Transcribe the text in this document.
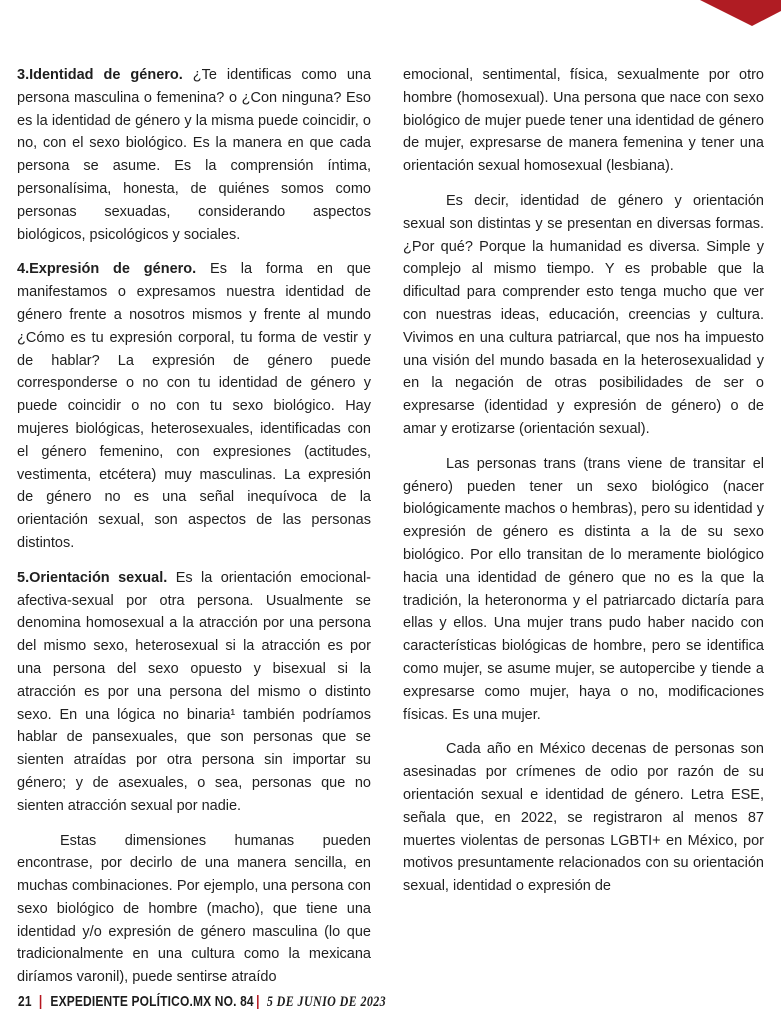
3.Identidad de género. ¿Te identificas como una persona masculina o femenina? o ¿Con ninguna? Eso es la identidad de género y la misma puede coincidir, o no, con el sexo biológico. Es la manera en que cada persona se asume. Es la comprensión íntima, personalísima, honesta, de quiénes somos como personas sexuadas, considerando aspectos biológicos, psicológicos y sociales.

4.Expresión de género. Es la forma en que manifestamos o expresamos nuestra identidad de género frente a nosotros mismos y frente al mundo ¿Cómo es tu expresión corporal, tu forma de vestir y de hablar? La expresión de género puede corresponderse o no con tu identidad de género y puede coincidir o no con tu sexo biológico. Hay mujeres biológicas, heterosexuales, identificadas con el género femenino, con expresiones (actitudes, vestimenta, etcétera) muy masculinas. La expresión de género no es una señal inequívoca de la orientación sexual, son aspectos de las personas distintos.

5.Orientación sexual. Es la orientación emocional-afectiva-sexual por otra persona. Usualmente se denomina homosexual a la atracción por una persona del mismo sexo, heterosexual si la atracción es por una persona del sexo opuesto y bisexual si la atracción es por una persona del mismo o distinto sexo. En una lógica no binaria¹ también podríamos hablar de pansexuales, que son personas que se sienten atraídas por otra persona sin importar su género; y de asexuales, o sea, personas que no sienten atracción sexual por nadie.

Estas dimensiones humanas pueden encontrase, por decirlo de una manera sencilla, en muchas combinaciones. Por ejemplo, una persona con sexo biológico de hombre (macho), que tiene una identidad y/o expresión de género masculina (lo que tradicionalmente en una cultura como la mexicana diríamos varonil), puede sentirse atraído

emocional, sentimental, física, sexualmente por otro hombre (homosexual). Una persona que nace con sexo biológico de mujer puede tener una identidad de género de mujer, expresarse de manera femenina y tener una orientación sexual homosexual (lesbiana).

Es decir, identidad de género y orientación sexual son distintas y se presentan en diversas formas. ¿Por qué? Porque la humanidad es diversa. Simple y complejo al mismo tiempo. Y es probable que la dificultad para comprender esto tenga mucho que ver con nuestras ideas, educación, creencias y cultura. Vivimos en una cultura patriarcal, que nos ha impuesto una visión del mundo basada en la heterosexualidad y en la negación de otras posibilidades de ser o expresarse (identidad y expresión de género) o de amar y erotizarse (orientación sexual).

Las personas trans (trans viene de transitar el género) pueden tener un sexo biológico (nacer biológicamente machos o hembras), pero su identidad y expresión de género es distinta a la de su sexo biológico. Por ello transitan de lo meramente biológico hacia una identidad de género que no es la que la tradición, la heteronorma y el patriarcado dictaría para ellas y ellos. Una mujer trans pudo haber nacido con características biológicas de hombre, pero se identifica como mujer, se asume mujer, se autopercibe y tiende a expresarse como mujer, haya o no, modificaciones físicas. Es una mujer.

Cada año en México decenas de personas son asesinadas por crímenes de odio por razón de su orientación sexual e identidad de género. Letra ESE, señala que, en 2022, se registraron al menos 87 muertes violentas de personas LGBTI+ en México, por motivos presuntamente relacionados con su orientación sexual, identidad o expresión de

21 | EXPEDIENTE POLÍTICO.MX NO. 84 | 5 DE JUNIO DE 2023
